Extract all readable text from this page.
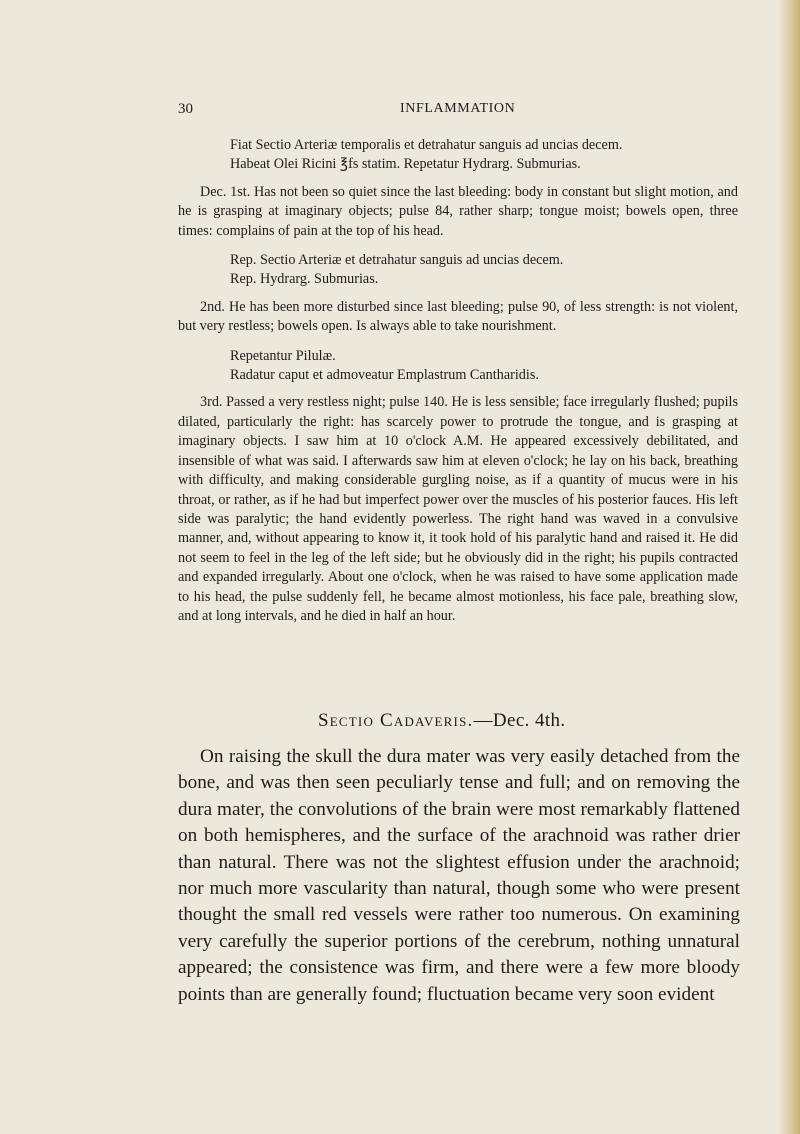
30	INFLAMMATION

Fiat Sectio Arteriæ temporalis et detrahatur sanguis ad uncias decem.

Habeat Olei Ricini ℥fs statim. Repetatur Hydrarg. Submurias.

Dec. 1st. Has not been so quiet since the last bleeding: body in constant but slight motion, and he is grasping at imaginary objects; pulse 84, rather sharp; tongue moist; bowels open, three times: complains of pain at the top of his head.

Rep. Sectio Arteriæ et detrahatur sanguis ad uncias decem.

Rep. Hydrarg. Submurias.

2nd. He has been more disturbed since last bleeding; pulse 90, of less strength: is not violent, but very restless; bowels open. Is always able to take nourishment.

Repetantur Pilulæ.

Radatur caput et admoveatur Emplastrum Cantharidis.

3rd. Passed a very restless night; pulse 140. He is less sensible; face irregularly flushed; pupils dilated, particularly the right: has scarcely power to protrude the tongue, and is grasping at imaginary objects. I saw him at 10 o'clock A.M. He appeared excessively debilitated, and insensible of what was said. I afterwards saw him at eleven o'clock; he lay on his back, breathing with difficulty, and making considerable gurgling noise, as if a quantity of mucus were in his throat, or rather, as if he had but imperfect power over the muscles of his posterior fauces. His left side was paralytic; the hand evidently powerless. The right hand was waved in a convulsive manner, and, without appearing to know it, it took hold of his paralytic hand and raised it. He did not seem to feel in the leg of the left side; but he obviously did in the right; his pupils contracted and expanded irregularly. About one o'clock, when he was raised to have some application made to his head, the pulse suddenly fell, he became almost motionless, his face pale, breathing slow, and at long intervals, and he died in half an hour.

Sectio Cadaveris.—Dec. 4th.

On raising the skull the dura mater was very easily detached from the bone, and was then seen peculiarly tense and full; and on removing the dura mater, the convolutions of the brain were most remarkably flattened on both hemispheres, and the surface of the arachnoid was rather drier than natural. There was not the slightest effusion under the arachnoid; nor much more vascularity than natural, though some who were present thought the small red vessels were rather too numerous. On examining very carefully the superior portions of the cerebrum, nothing unnatural appeared; the consistence was firm, and there were a few more bloody points than are generally found; fluctuation became very soon evident
